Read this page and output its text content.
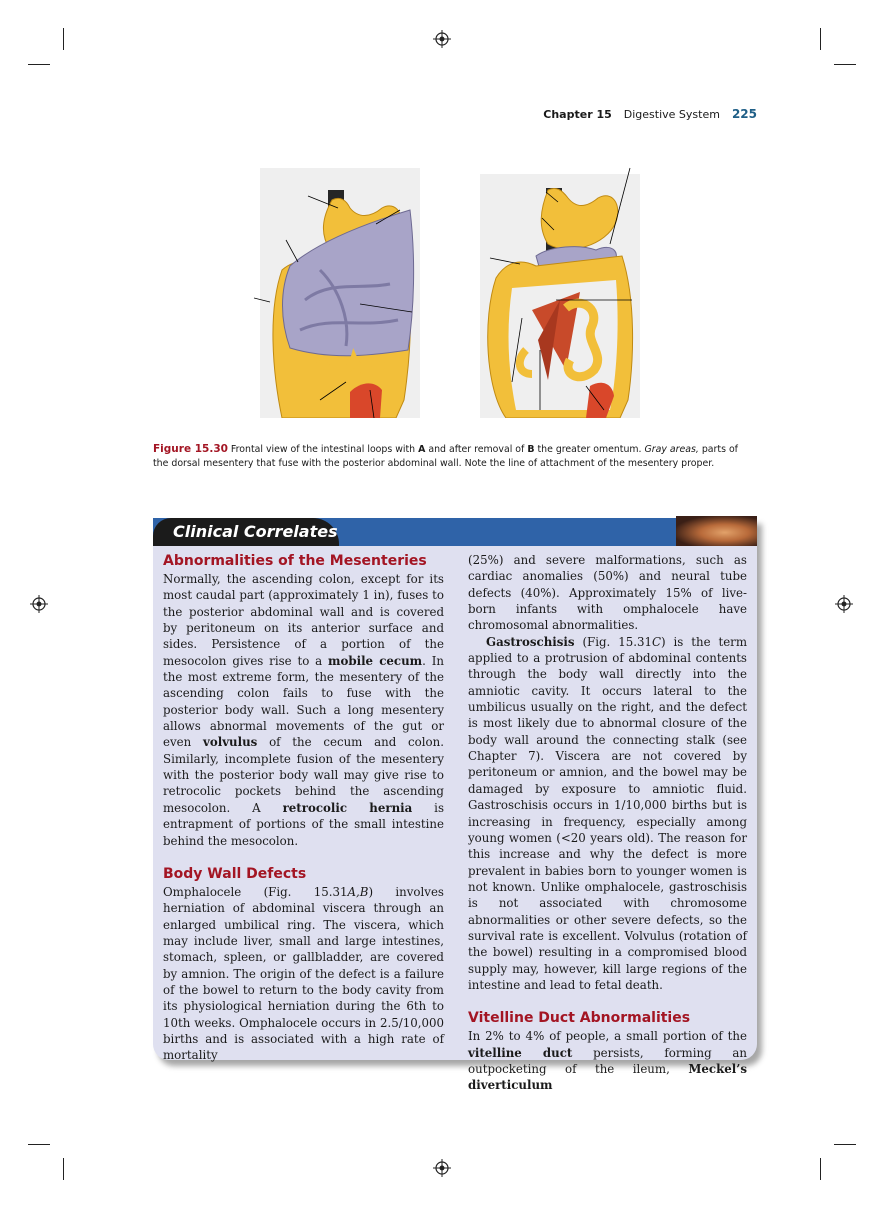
Chapter 15 Digestive System 225
Figure 15.30 Frontal view of the intestinal loops with A and after removal of B the greater omentum. Gray areas, parts of the dorsal mesentery that fuse with the posterior abdominal wall. Note the line of attachment of the mesentery proper.
Clinical Correlates
Abnormalities of the Mesenteries

Normally, the ascending colon, except for its most caudal part (approximately 1 in), fuses to the posterior abdominal wall and is covered by peritoneum on its anterior surface and sides. Persistence of a portion of the mesocolon gives rise to a mobile cecum. In the most extreme form, the mesentery of the ascending colon fails to fuse with the posterior body wall. Such a long mesentery allows abnormal movements of the gut or even volvulus of the cecum and colon. Similarly, incomplete fusion of the mesentery with the posterior body wall may give rise to retrocolic pockets behind the ascending mesocolon. A retrocolic hernia is entrapment of portions of the small intestine behind the mesocolon.

Body Wall Defects

Omphalocele (Fig. 15.31A,B) involves herniation of abdominal viscera through an enlarged umbilical ring. The viscera, which may include liver, small and large intestines, stomach, spleen, or gallbladder, are covered by amnion. The origin of the defect is a failure of the bowel to return to the body cavity from its physiological herniation during the 6th to 10th weeks. Omphalocele occurs in 2.5/10,000 births and is associated with a high rate of mortality

(25%) and severe malformations, such as cardiac anomalies (50%) and neural tube defects (40%). Approximately 15% of live-born infants with omphalocele have chromosomal abnormalities.

Gastroschisis (Fig. 15.31C) is the term applied to a protrusion of abdominal contents through the body wall directly into the amniotic cavity. It occurs lateral to the umbilicus usually on the right, and the defect is most likely due to abnormal closure of the body wall around the connecting stalk (see Chapter 7). Viscera are not covered by peritoneum or amnion, and the bowel may be damaged by exposure to amniotic fluid. Gastroschisis occurs in 1/10,000 births but is increasing in frequency, especially among young women (<20 years old). The reason for this increase and why the defect is more prevalent in babies born to younger women is not known. Unlike omphalocele, gastroschisis is not associated with chromosome abnormalities or other severe defects, so the survival rate is excellent. Volvulus (rotation of the bowel) resulting in a compromised blood supply may, however, kill large regions of the intestine and lead to fetal death.

Vitelline Duct Abnormalities

In 2% to 4% of people, a small portion of the vitelline duct persists, forming an outpocketing of the ileum, Meckel’s diverticulum
